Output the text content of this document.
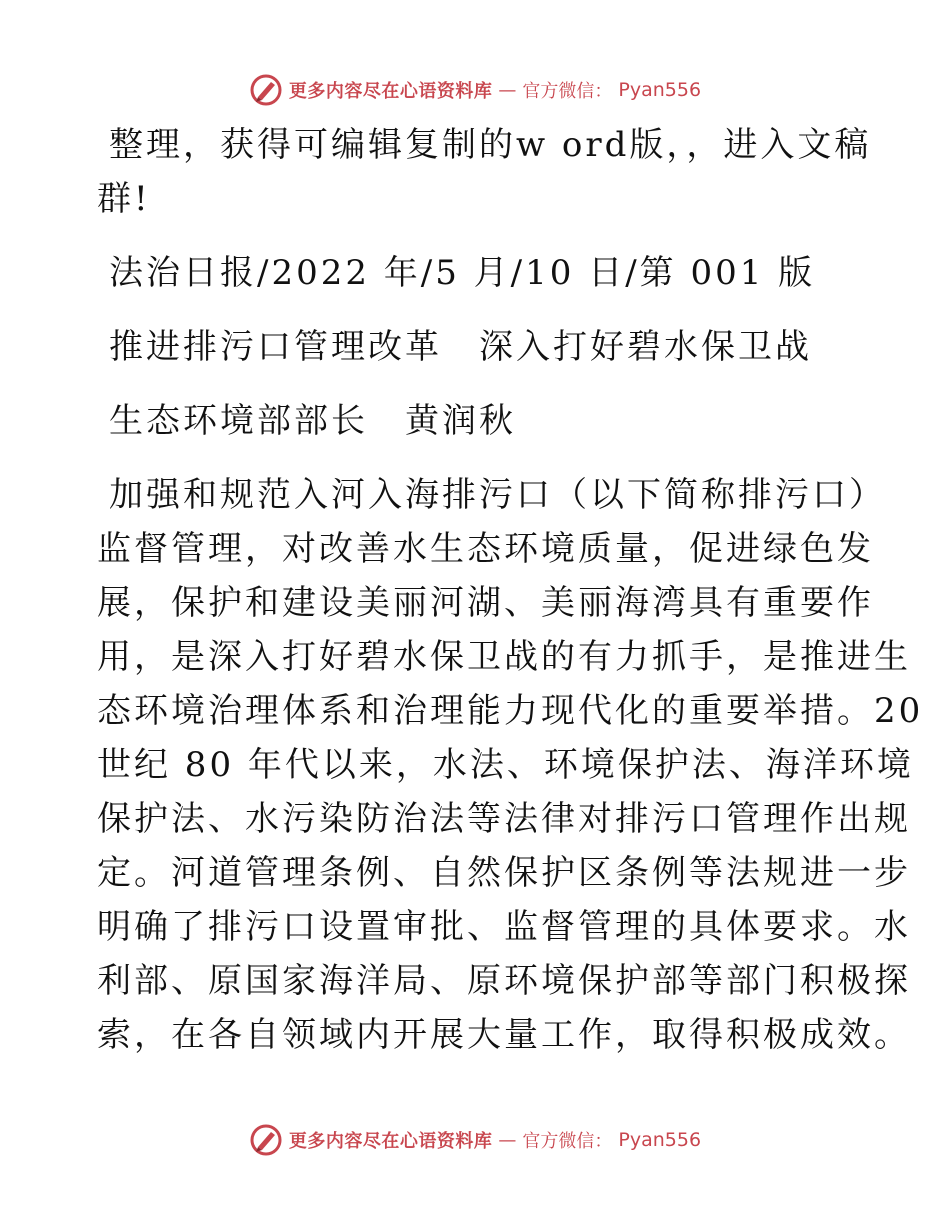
更多内容尽在心语资料库 — 官方微信： Pyan556
整理，获得可编辑复制的w ord版，，进入文稿
群!
法治日报/2022 年/5 月/10 日/第 001 版
推进排污口管理改革　深入打好碧水保卫战
生态环境部部长　黄润秋
加强和规范入河入海排污口（以下简称排污口）
监督管理，对改善水生态环境质量，促进绿色发
展，保护和建设美丽河湖、美丽海湾具有重要作
用，是深入打好碧水保卫战的有力抓手，是推进生
态环境治理体系和治理能力现代化的重要举措。20
世纪 80 年代以来，水法、环境保护法、海洋环境
保护法、水污染防治法等法律对排污口管理作出规
定。河道管理条例、自然保护区条例等法规进一步
明确了排污口设置审批、监督管理的具体要求。水
利部、原国家海洋局、原环境保护部等部门积极探
索，在各自领域内开展大量工作，取得积极成效。
更多内容尽在心语资料库 — 官方微信： Pyan556
